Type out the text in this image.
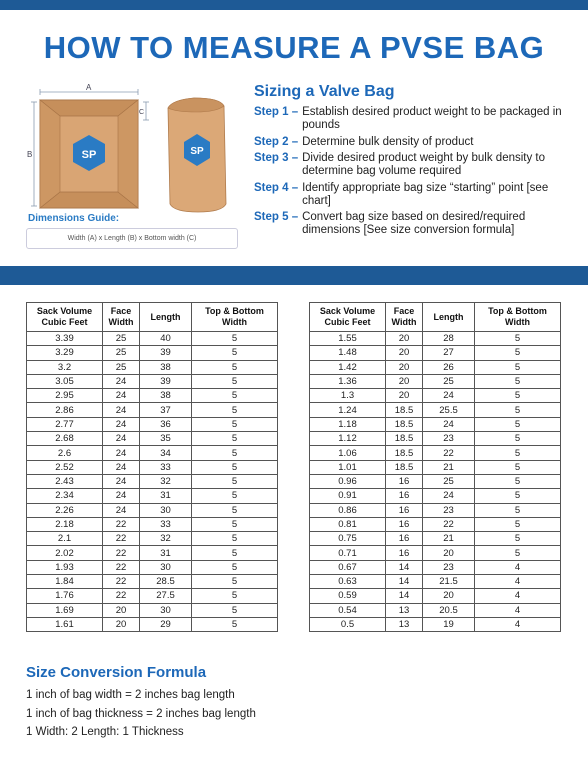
HOW TO MEASURE A PVSE BAG
A
B
C
SP	SP
Dimensions Guide:
Width (A) x Length (B) x Bottom width (C)
Sizing a Valve Bag
Step 1 – Establish desired product weight to be packaged in pounds
Step 2 – Determine bulk density of product
Step 3 – Divide desired product weight by bulk density to determine bag volume required
Step 4 – Identify appropriate bag size “starting” point [see chart]
Step 5 – Convert bag size based on desired/required dimensions [See size conversion formula]
Sack Volume Cubic Feet	Face Width	Length	Top & Bottom Width
3.39	25	40	5
3.29	25	39	5
3.2	25	38	5
3.05	24	39	5
2.95	24	38	5
2.86	24	37	5
2.77	24	36	5
2.68	24	35	5
2.6	24	34	5
2.52	24	33	5
2.43	24	32	5
2.34	24	31	5
2.26	24	30	5
2.18	22	33	5
2.1	22	32	5
2.02	22	31	5
1.93	22	30	5
1.84	22	28.5	5
1.76	22	27.5	5
1.69	20	30	5
1.61	20	29	5
Sack Volume Cubic Feet	Face Width	Length	Top & Bottom Width
1.55	20	28	5
1.48	20	27	5
1.42	20	26	5
1.36	20	25	5
1.3	20	24	5
1.24	18.5	25.5	5
1.18	18.5	24	5
1.12	18.5	23	5
1.06	18.5	22	5
1.01	18.5	21	5
0.96	16	25	5
0.91	16	24	5
0.86	16	23	5
0.81	16	22	5
0.75	16	21	5
0.71	16	20	5
0.67	14	23	4
0.63	14	21.5	4
0.59	14	20	4
0.54	13	20.5	4
0.5	13	19	4
Size Conversion Formula
1 inch of bag width = 2 inches bag length
1 inch of bag thickness = 2 inches bag length
1 Width: 2 Length: 1 Thickness
